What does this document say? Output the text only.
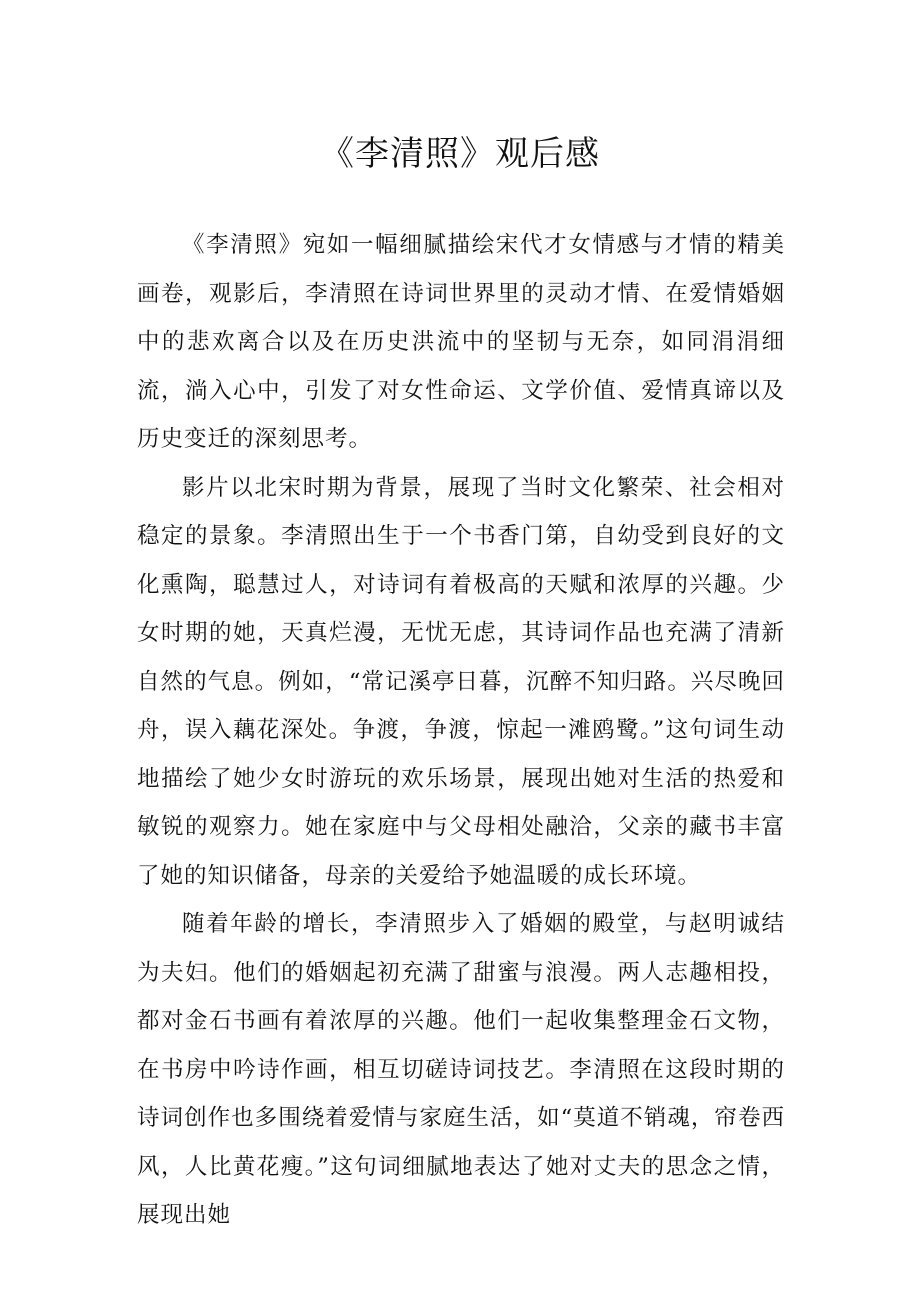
《李清照》观后感

《李清照》宛如一幅细腻描绘宋代才女情感与才情的精美画卷，观影后，李清照在诗词世界里的灵动才情、在爱情婚姻中的悲欢离合以及在历史洪流中的坚韧与无奈，如同涓涓细流，淌入心中，引发了对女性命运、文学价值、爱情真谛以及历史变迁的深刻思考。

影片以北宋时期为背景，展现了当时文化繁荣、社会相对稳定的景象。李清照出生于一个书香门第，自幼受到良好的文化熏陶，聪慧过人，对诗词有着极高的天赋和浓厚的兴趣。少女时期的她，天真烂漫，无忧无虑，其诗词作品也充满了清新自然的气息。例如，“常记溪亭日暮，沉醉不知归路。兴尽晚回舟，误入藕花深处。争渡，争渡，惊起一滩鸥鹭。”这句词生动地描绘了她少女时游玩的欢乐场景，展现出她对生活的热爱和敏锐的观察力。她在家庭中与父母相处融洽，父亲的藏书丰富了她的知识储备，母亲的关爱给予她温暖的成长环境。

随着年龄的增长，李清照步入了婚姻的殿堂，与赵明诚结为夫妇。他们的婚姻起初充满了甜蜜与浪漫。两人志趣相投，都对金石书画有着浓厚的兴趣。他们一起收集整理金石文物，在书房中吟诗作画，相互切磋诗词技艺。李清照在这段时期的诗词创作也多围绕着爱情与家庭生活，如“莫道不销魂，帘卷西风，人比黄花瘦。”这句词细腻地表达了她对丈夫的思念之情，展现出她
